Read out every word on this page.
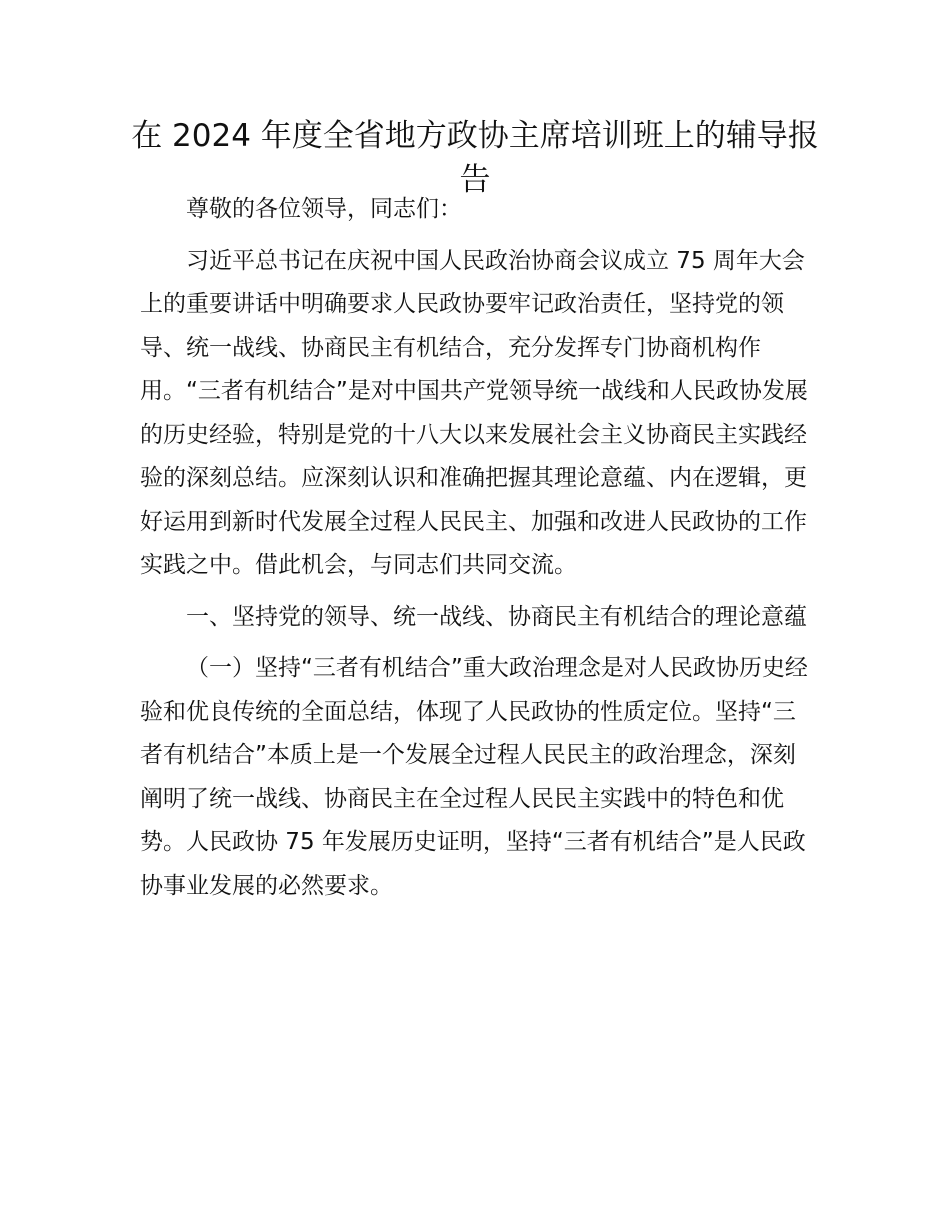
在 2024 年度全省地方政协主席培训班上的辅导报告

尊敬的各位领导，同志们：

习近平总书记在庆祝中国人民政治协商会议成立 75 周年大会上的重要讲话中明确要求人民政协要牢记政治责任，坚持党的领导、统一战线、协商民主有机结合，充分发挥专门协商机构作用。“三者有机结合”是对中国共产党领导统一战线和人民政协发展的历史经验，特别是党的十八大以来发展社会主义协商民主实践经验的深刻总结。应深刻认识和准确把握其理论意蕴、内在逻辑，更好运用到新时代发展全过程人民民主、加强和改进人民政协的工作实践之中。借此机会，与同志们共同交流。

一、坚持党的领导、统一战线、协商民主有机结合的理论意蕴

（一）坚持“三者有机结合”重大政治理念是对人民政协历史经验和优良传统的全面总结，体现了人民政协的性质定位。坚持“三者有机结合”本质上是一个发展全过程人民民主的政治理念，深刻阐明了统一战线、协商民主在全过程人民民主实践中的特色和优势。人民政协 75 年发展历史证明，坚持“三者有机结合”是人民政协事业发展的必然要求。
